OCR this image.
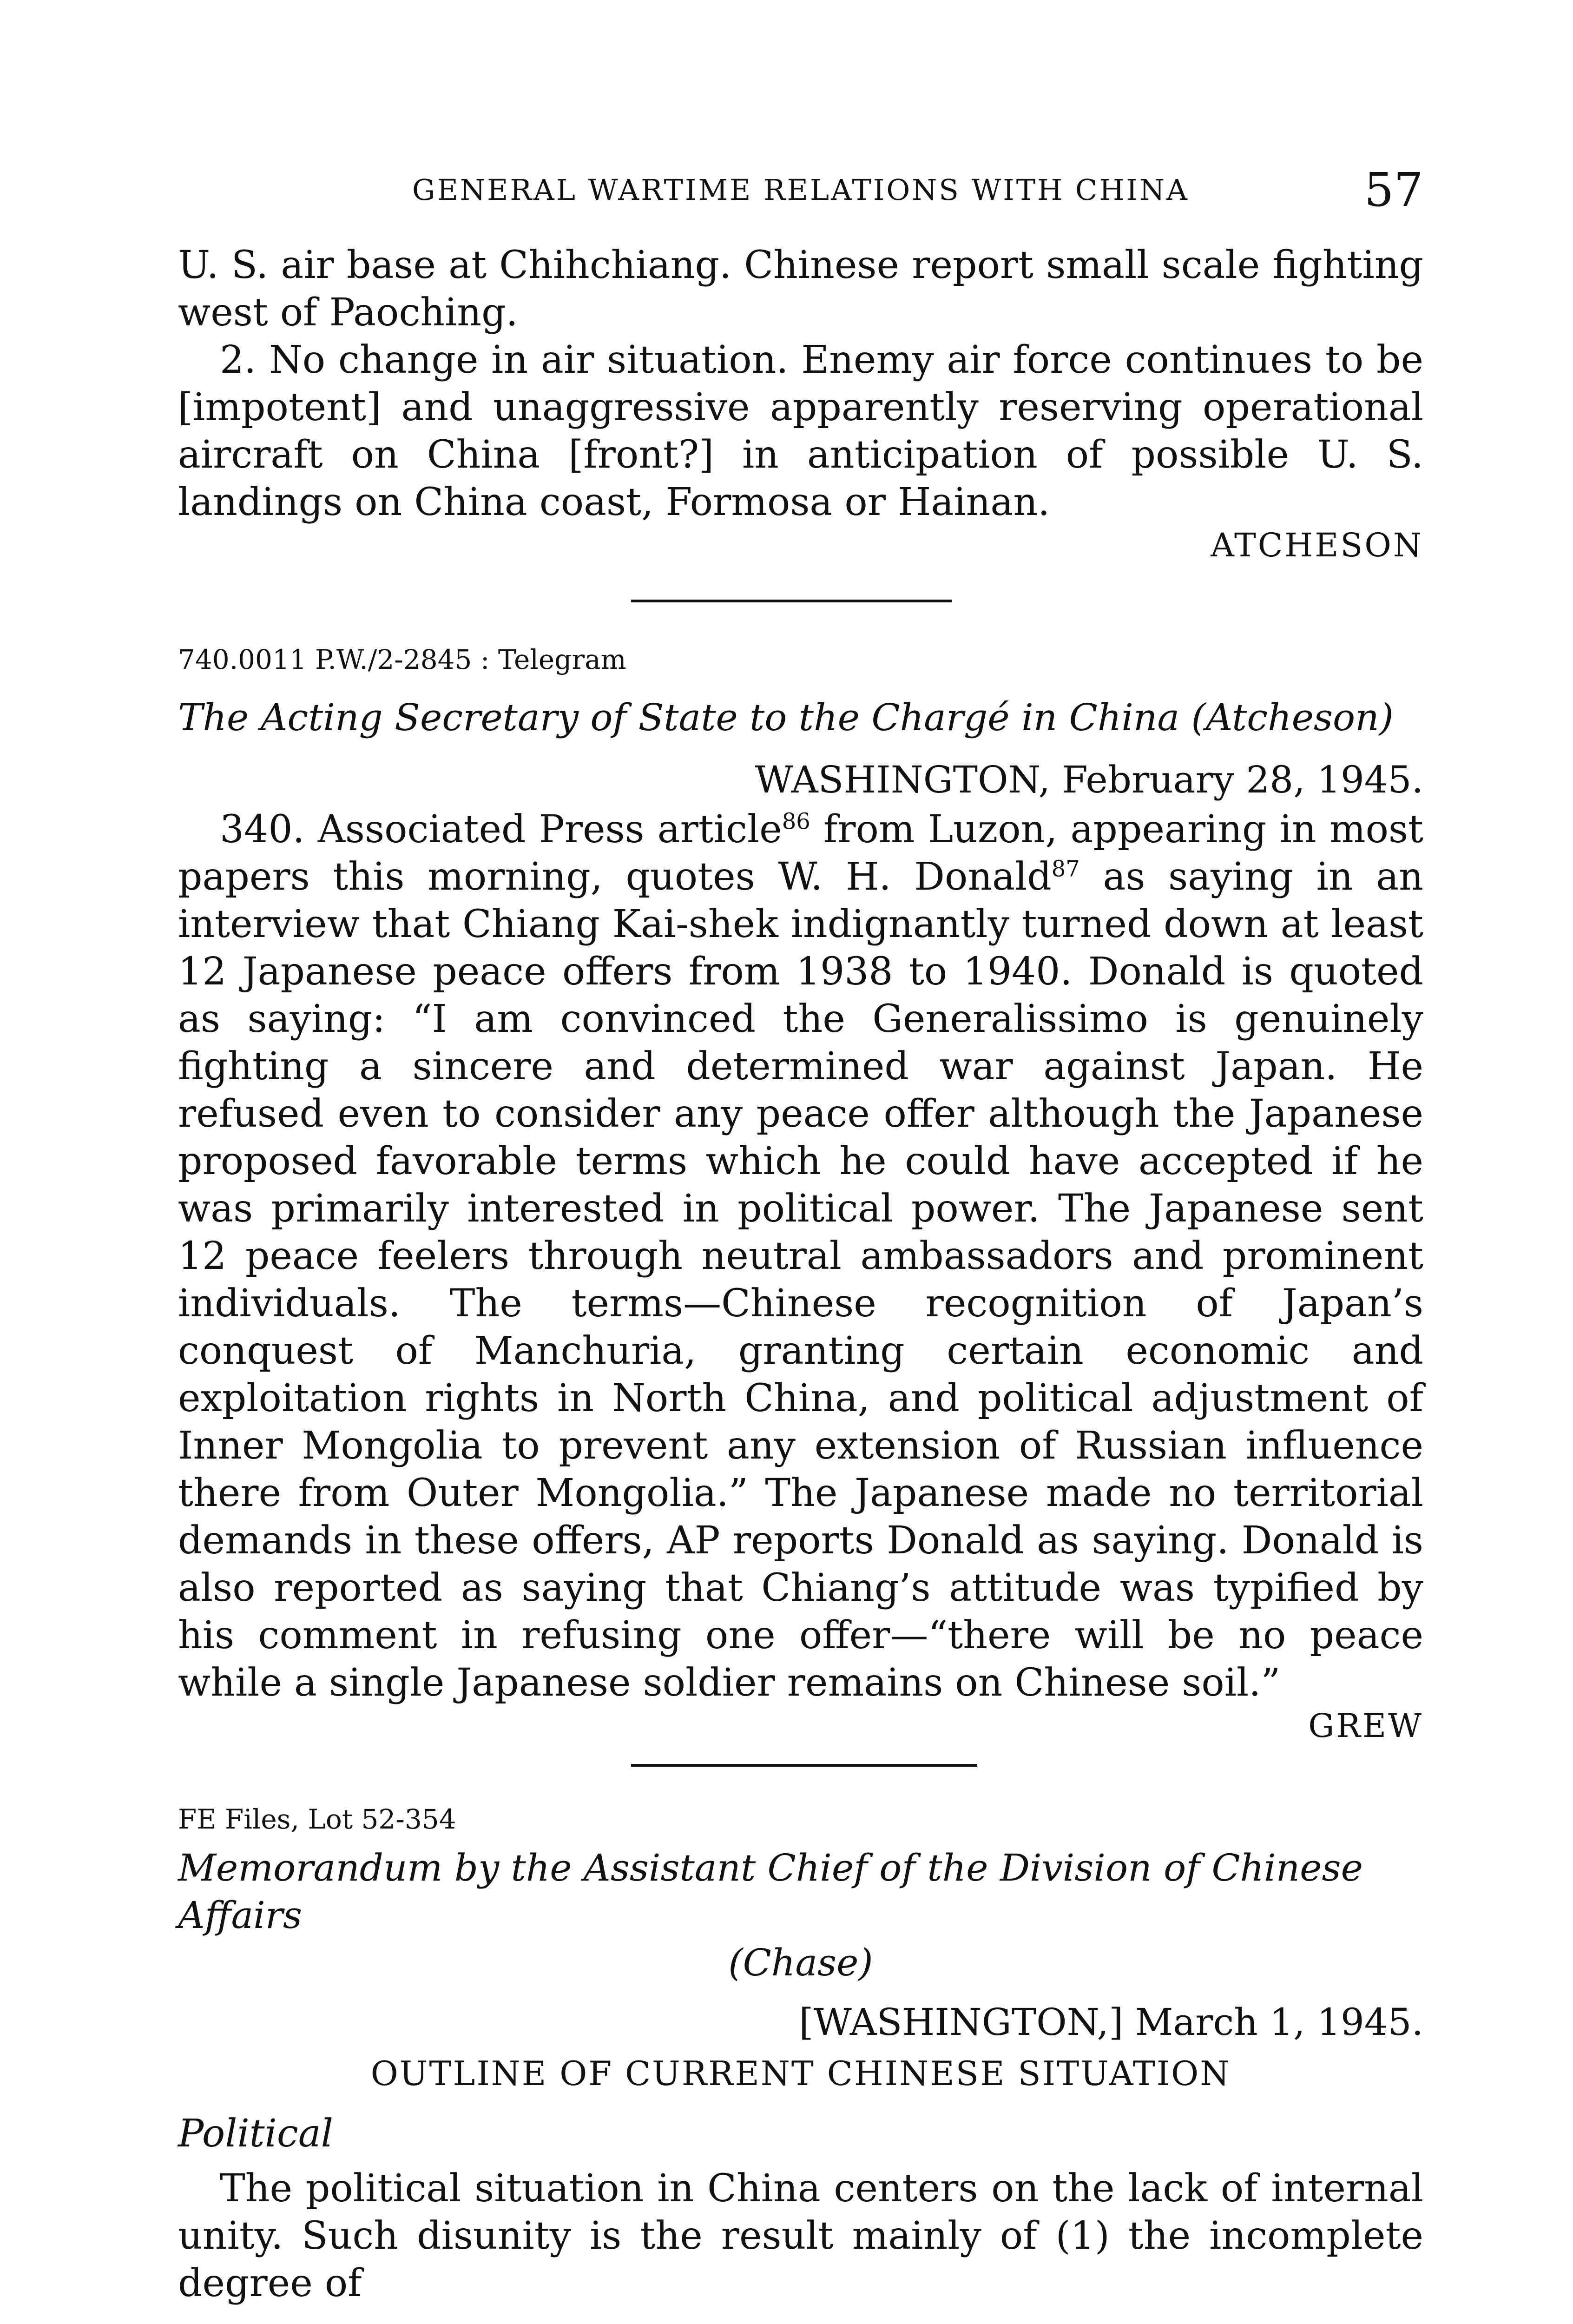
GENERAL WARTIME RELATIONS WITH CHINA	57

U. S. air base at Chihchiang. Chinese report small scale fighting west of Paoching.

2. No change in air situation. Enemy air force continues to be [impotent] and unaggressive apparently reserving operational aircraft on China [front?] in anticipation of possible U. S. landings on China coast, Formosa or Hainan.

ATCHESON
740.0011 P.W./2-2845 : Telegram
The Acting Secretary of State to the Chargé in China (Atcheson)
WASHINGTON, February 28, 1945.

340. Associated Press article$^{86}$ from Luzon, appearing in most papers this morning, quotes W. H. Donald$^{87}$ as saying in an interview that Chiang Kai-shek indignantly turned down at least 12 Japanese peace offers from 1938 to 1940. Donald is quoted as saying: “I am convinced the Generalissimo is genuinely fighting a sincere and determined war against Japan. He refused even to consider any peace offer although the Japanese proposed favorable terms which he could have accepted if he was primarily interested in political power. The Japanese sent 12 peace feelers through neutral ambassadors and prominent individuals. The terms—Chinese recognition of Japan’s conquest of Manchuria, granting certain economic and exploitation rights in North China, and political adjustment of Inner Mongolia to prevent any extension of Russian influence there from Outer Mongolia.” The Japanese made no territorial demands in these offers, AP reports Donald as saying. Donald is also reported as saying that Chiang’s attitude was typified by his comment in refusing one offer—“there will be no peace while a single Japanese soldier remains on Chinese soil.”

GREW
FE Files, Lot 52-354
Memorandum by the Assistant Chief of the Division of Chinese Affairs
(Chase)
[WASHINGTON,] March 1, 1945.
OUTLINE OF CURRENT CHINESE SITUATION
Political

The political situation in China centers on the lack of internal unity. Such disunity is the result mainly of (1) the incomplete degree of
